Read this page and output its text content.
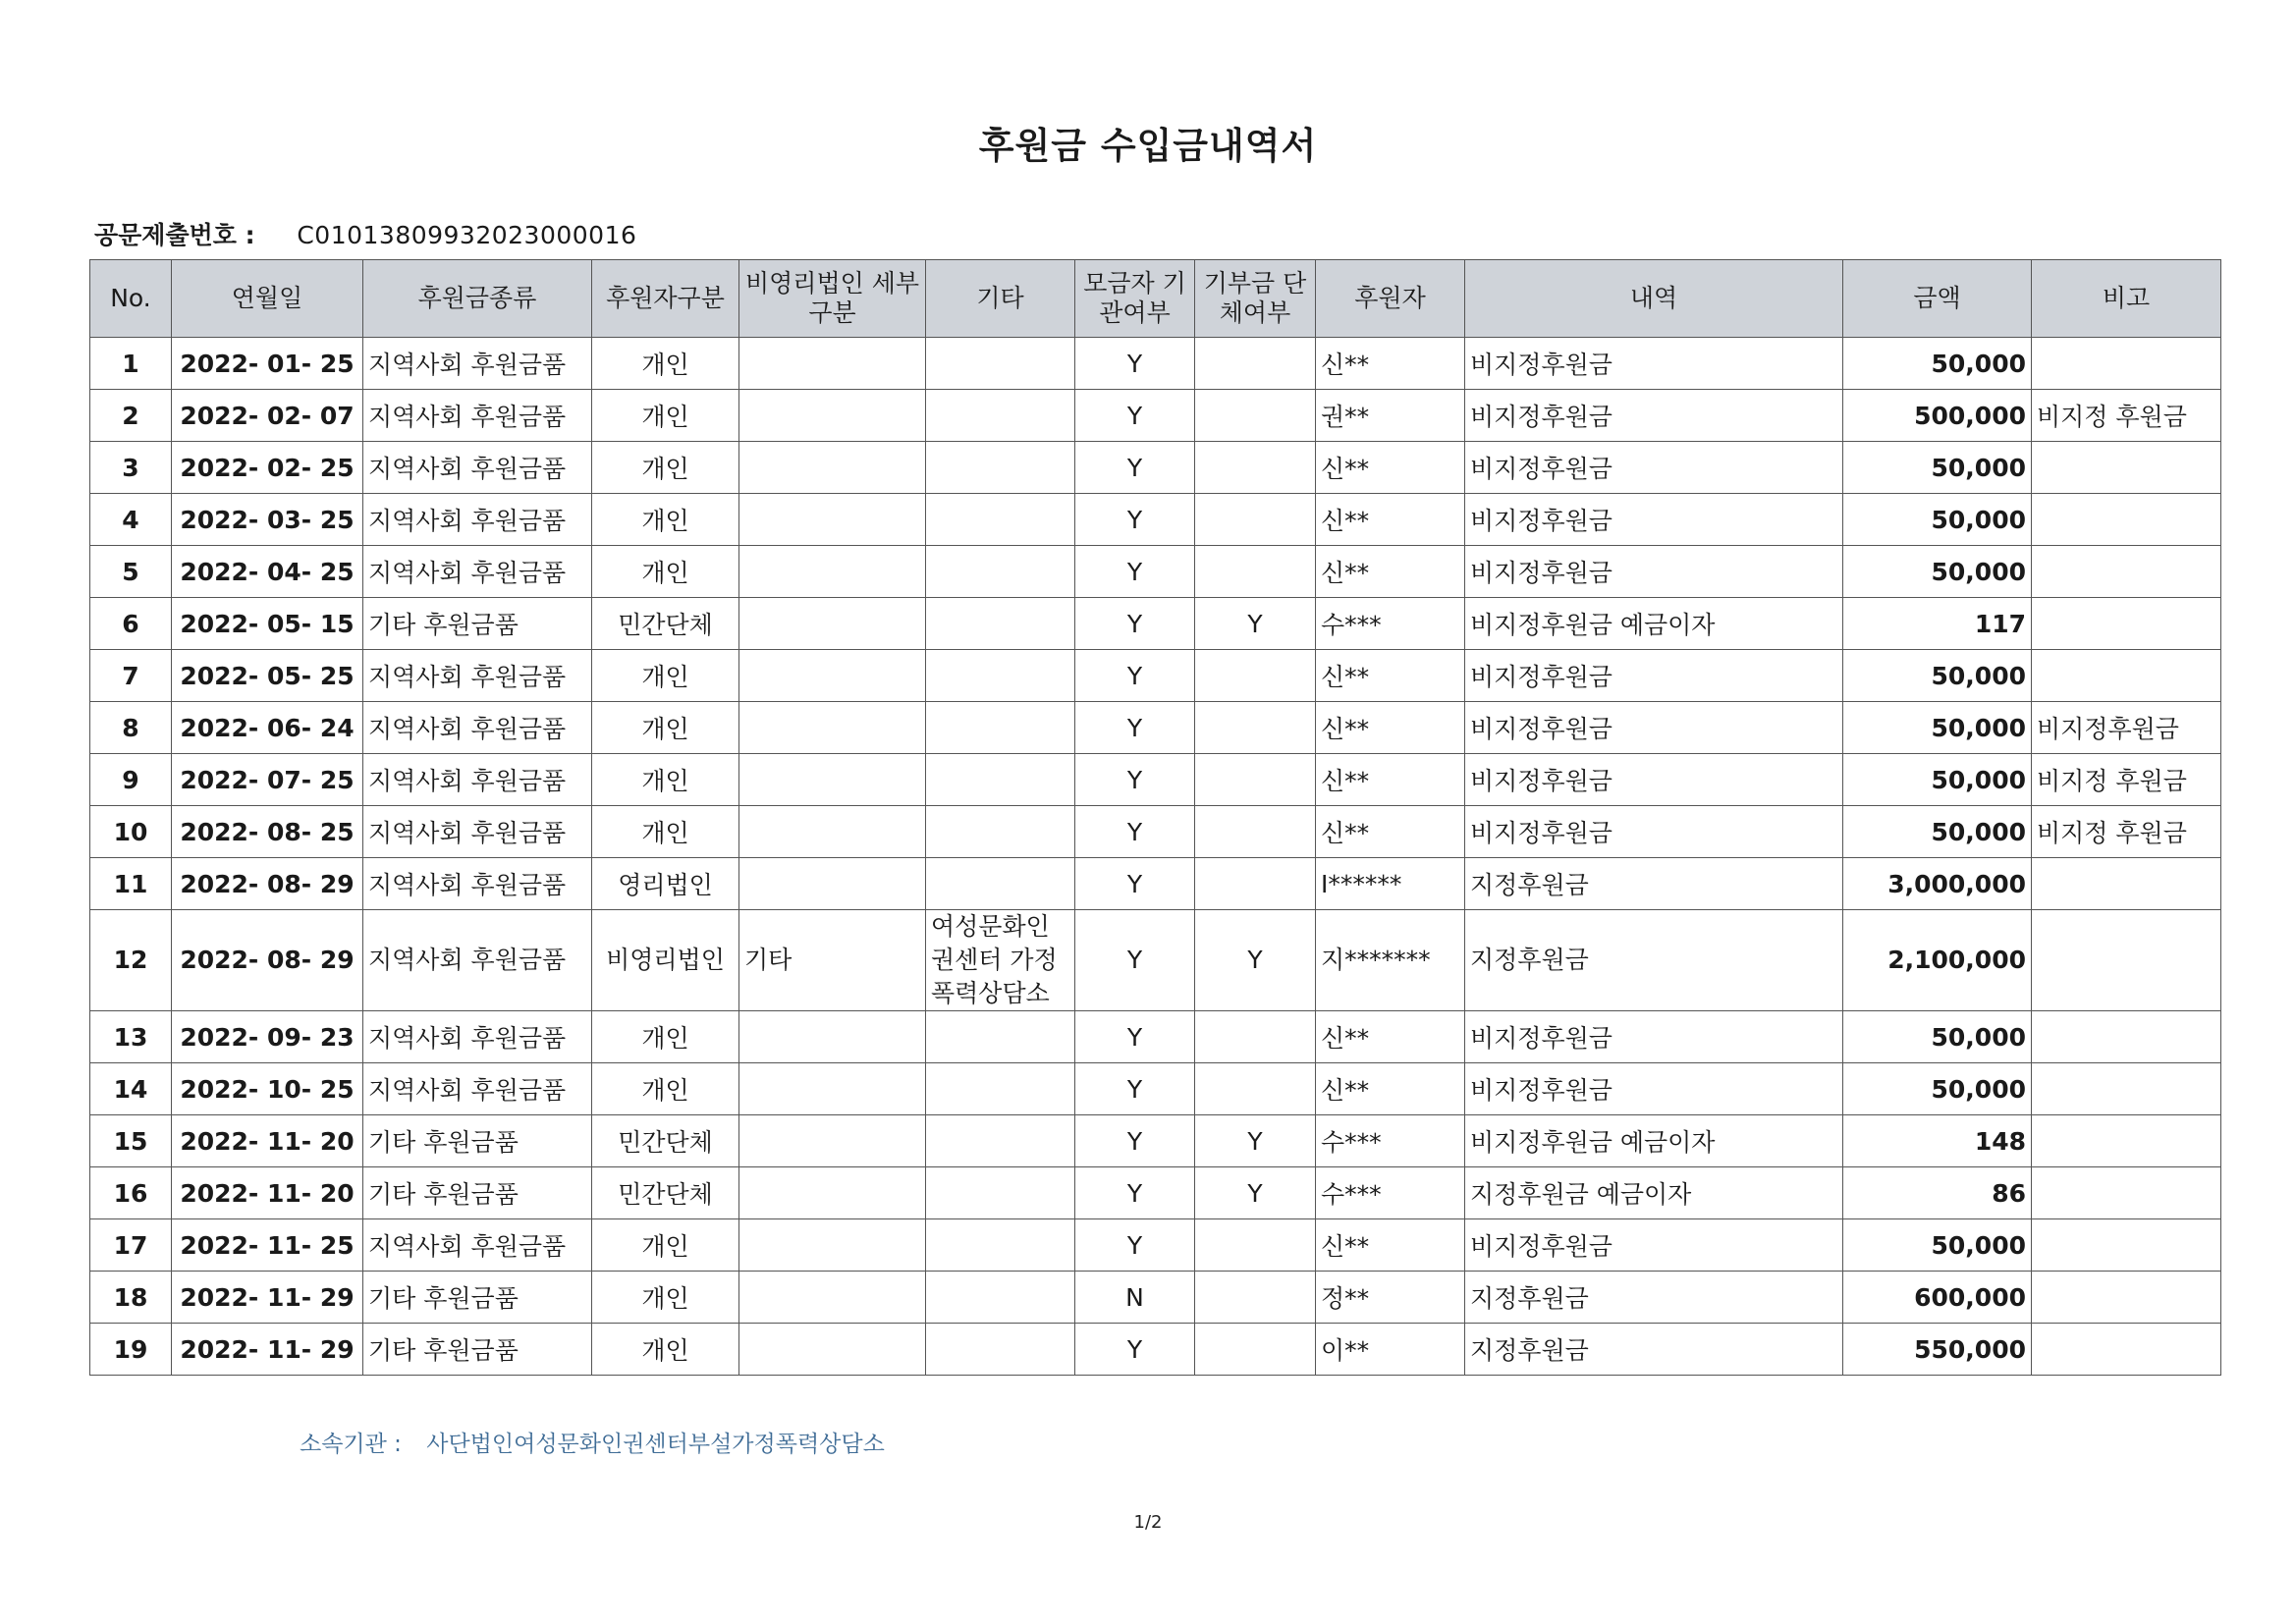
후원금 수입금내역서
공문제출번호 : C0101380993202300​0016
No.	연월일	후원금종류	후원자구분	비영리법인 세부구분	기타	모금자 기관여부	기부금 단체여부	후원자	내역	금액	비고
1	2022- 01- 25	지역사회 후원금품	개인			Y		신**	비지정후원금	50,000	
2	2022- 02- 07	지역사회 후원금품	개인			Y		권**	비지정후원금	500,000	비지정 후원금
3	2022- 02- 25	지역사회 후원금품	개인			Y		신**	비지정후원금	50,000	
4	2022- 03- 25	지역사회 후원금품	개인			Y		신**	비지정후원금	50,000	
5	2022- 04- 25	지역사회 후원금품	개인			Y		신**	비지정후원금	50,000	
6	2022- 05- 15	기타 후원금품	민간단체			Y	Y	수***	비지정후원금 예금이자	117	
7	2022- 05- 25	지역사회 후원금품	개인			Y		신**	비지정후원금	50,000	
8	2022- 06- 24	지역사회 후원금품	개인			Y		신**	비지정후원금	50,000	비지정후원금
9	2022- 07- 25	지역사회 후원금품	개인			Y		신**	비지정후원금	50,000	비지정 후원금
10	2022- 08- 25	지역사회 후원금품	개인			Y		신**	비지정후원금	50,000	비지정 후원금
11	2022- 08- 29	지역사회 후원금품	영리법인			Y		I******	지정후원금	3,000,000	
12	2022- 08- 29	지역사회 후원금품	비영리법인	기타	여성문화인권센터 가정폭력상담소	Y	Y	지*******	지정후원금	2,100,000	
13	2022- 09- 23	지역사회 후원금품	개인			Y		신**	비지정후원금	50,000	
14	2022- 10- 25	지역사회 후원금품	개인			Y		신**	비지정후원금	50,000	
15	2022- 11- 20	기타 후원금품	민간단체			Y	Y	수***	비지정후원금 예금이자	148	
16	2022- 11- 20	기타 후원금품	민간단체			Y	Y	수***	지정후원금 예금이자	86	
17	2022- 11- 25	지역사회 후원금품	개인			Y		신**	비지정후원금	50,000	
18	2022- 11- 29	기타 후원금품	개인			N		정**	지정후원금	600,000	
19	2022- 11- 29	기타 후원금품	개인			Y		이**	지정후원금	550,000	
소속기관 : 사단법인여성문화인권센터부설가정폭력상담소
1/2
